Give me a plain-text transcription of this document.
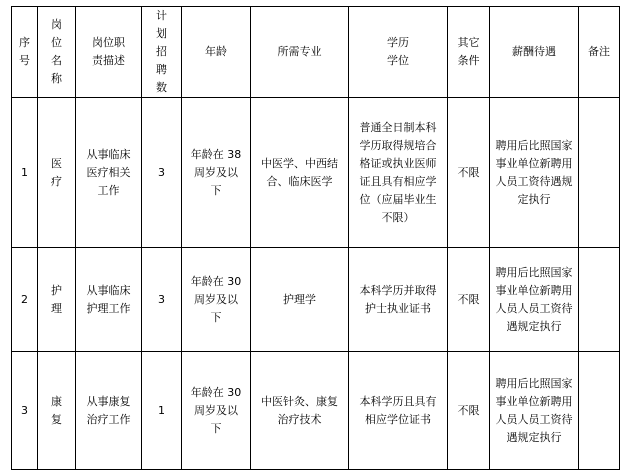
序号	岗位名称	岗位职责描述	计划招聘数	年龄	所需专业	学历学位	其它条件	薪酬待遇	备注
1	医疗	从事临床医疗相关工作	3	年龄在 38 周岁及以下	中医学、中西结合、临床医学	普通全日制本科学历取得规培合格证或执业医师证且具有相应学位（应届毕业生不限）	不限	聘用后比照国家事业单位新聘用人员工资待遇规定执行	

2	护理	从事临床护理工作	3	年龄在 30 周岁及以下	护理学	本科学历并取得护士执业证书	不限	聘用后比照国家事业单位新聘用人员人员工资待遇规定执行	

3	康复	从事康复治疗工作	1	年龄在 30 周岁及以下	中医针灸、康复治疗技术	本科学历且具有相应学位证书	不限	聘用后比照国家事业单位新聘用人员人员工资待遇规定执行	
